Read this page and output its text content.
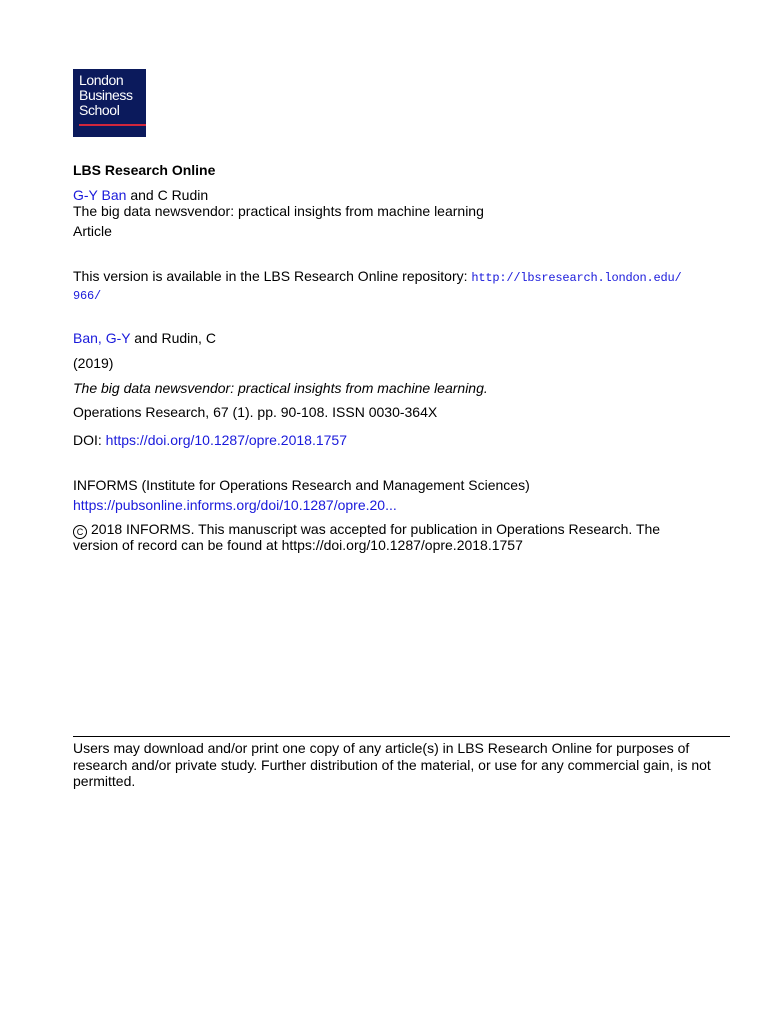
London
Business
School
LBS Research Online
G-Y Ban and C Rudin
The big data newsvendor: practical insights from machine learning
Article
This version is available in the LBS Research Online repository: http://lbsresearch.london.edu/
966/
Ban, G-Y and Rudin, C
(2019)
The big data newsvendor: practical insights from machine learning.
Operations Research, 67 (1). pp. 90-108. ISSN 0030-364X
DOI: https://doi.org/10.1287/opre.2018.1757
INFORMS (Institute for Operations Research and Management Sciences)
https://pubsonline.informs.org/doi/10.1287/opre.20...
C 2018 INFORMS. This manuscript was accepted for publication in Operations Research. The
version of record can be found at https://doi.org/10.1287/opre.2018.1757
Users may download and/or print one copy of any article(s) in LBS Research Online for purposes of research and/or private study. Further distribution of the material, or use for any commercial gain, is not permitted.
